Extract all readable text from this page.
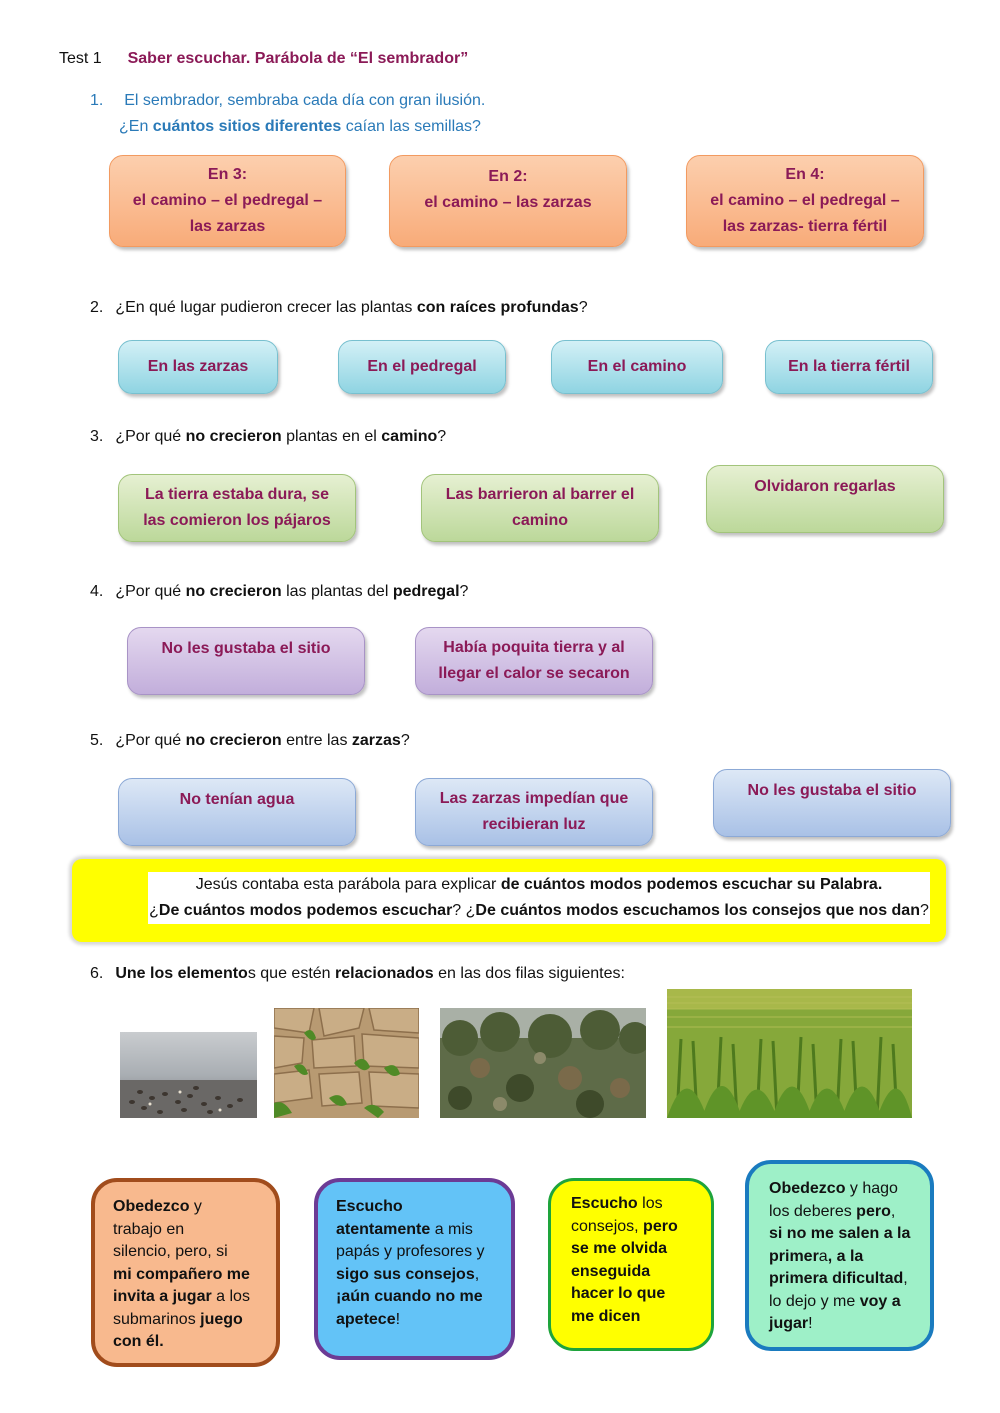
Test 1 Saber escuchar. Parábola de “El sembrador”
1. El sembrador, sembraba cada día con gran ilusión.
¿En cuántos sitios diferentes caían las semillas?
En 3:
el camino – el pedregal –
las zarzas
En 2:
el camino – las zarzas
En 4:
el camino – el pedregal –
las zarzas- tierra fértil
2. ¿En qué lugar pudieron crecer las plantas con raíces profundas?
En las zarzas	En el pedregal	En el camino	En la tierra fértil
3. ¿Por qué no crecieron plantas en el camino?
La tierra estaba dura, se
las comieron los pájaros
Las barrieron al barrer el
camino
Olvidaron regarlas
4. ¿Por qué no crecieron las plantas del pedregal?
No les gustaba el sitio	Había poquita tierra y al
llegar el calor se secaron
5. ¿Por qué no crecieron entre las zarzas?
No tenían agua	Las zarzas impedían que
recibieran luz
No les gustaba el sitio
Jesús contaba esta parábola para explicar de cuántos modos podemos escuchar su Palabra.
¿De cuántos modos podemos escuchar? ¿De cuántos modos escuchamos los consejos que nos dan?
6. Une los elementos que estén relacionados en las dos filas siguientes:
Obedezco y
trabajo en
silencio, pero, si
mi compañero me
invita a jugar a los
submarinos juego
con él.
Escucho
atentamente a mis
papás y profesores y
sigo sus consejos,
¡aún cuando no me
apetece!
Escucho los
consejos, pero
se me olvida
enseguida
hacer lo que
me dicen
Obedezco y hago
los deberes pero,
si no me salen a la
primera, a la
primera dificultad,
lo dejo y me voy a
jugar!
